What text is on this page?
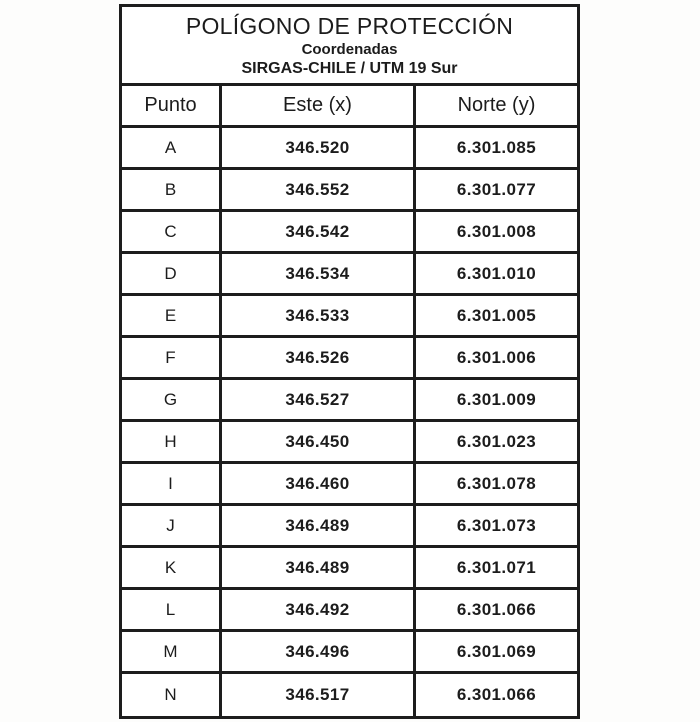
POLÍGONO DE PROTECCIÓN
Coordenadas
SIRGAS-CHILE / UTM 19 Sur
Punto	Este (x)	Norte (y)
A	346.520	6.301.085
B	346.552	6.301.077
C	346.542	6.301.008
D	346.534	6.301.010
E	346.533	6.301.005
F	346.526	6.301.006
G	346.527	6.301.009
H	346.450	6.301.023
I	346.460	6.301.078
J	346.489	6.301.073
K	346.489	6.301.071
L	346.492	6.301.066
M	346.496	6.301.069
N	346.517	6.301.066
